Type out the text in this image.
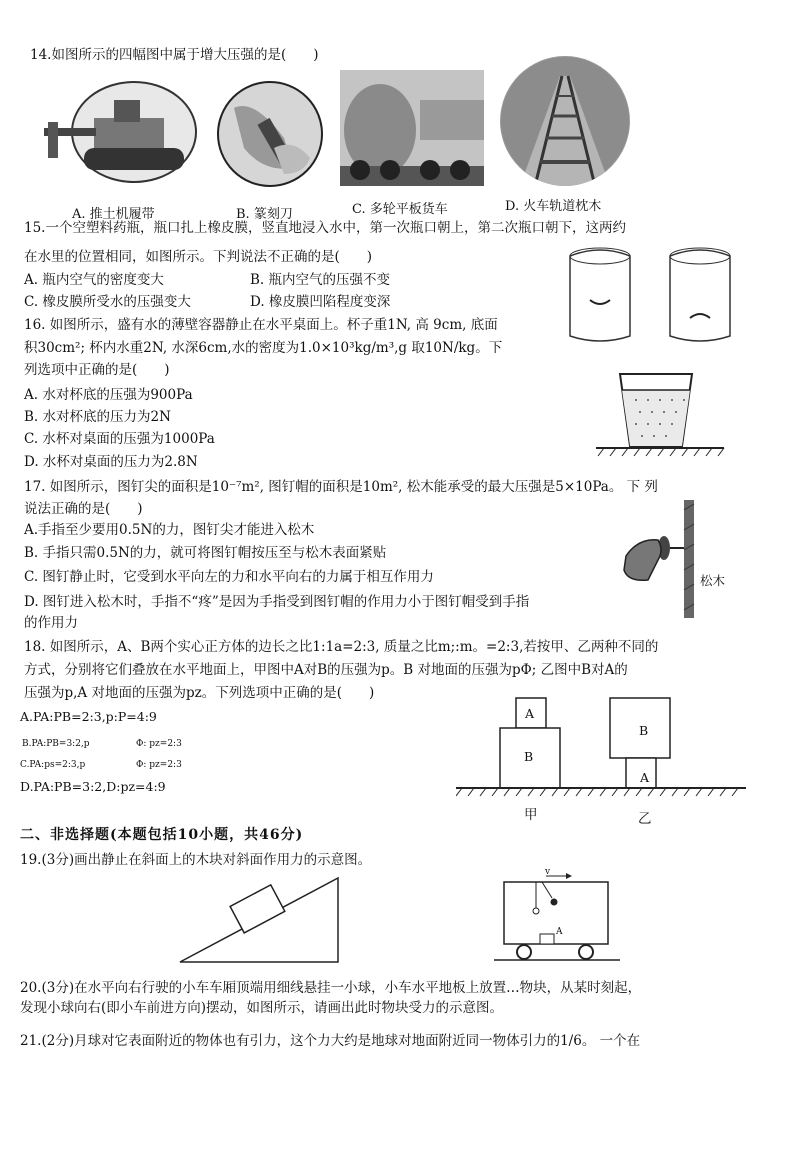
14.如图所示的四幅图中属于增大压强的是(　　)
A. 推土机履带	B. 篆刻刀	C. 多轮平板货车	D. 火车轨道枕木
15.一个空塑料药瓶，瓶口扎上橡皮膜，竖直地浸入水中，第一次瓶口朝上，第二次瓶口朝下，这两约
在水里的位置相同，如图所示。下判说法不正确的是(　　)
A. 瓶内空气的密度变大	B. 瓶内空气的压强不变
C. 橡皮膜所受水的压强变大	D. 橡皮膜凹陷程度变深
16. 如图所示，盛有水的薄壁容器静止在水平桌面上。杯子重1N, 高 9cm, 底面
积30cm²; 杯内水重2N, 水深6cm,水的密度为1.0×10³kg/m³,g 取10N/kg。下
列选项中正确的是(　　)
A. 水对杯底的压强为900Pa
B. 水对杯底的压力为2N
C. 水杯对桌面的压强为1000Pa
D. 水杯对桌面的压力为2.8N
17. 如图所示，图钉尖的面积是10⁻⁷m², 图钉帽的面积是10m², 松木能承受的最大压强是5×10Pa。 下 列
说法正确的是(　　)
A.手指至少要用0.5N的力，图钉尖才能进入松木
B. 手指只需0.5N的力，就可将图钉帽按压至与松木表面紧贴
C. 图钉静止时，它受到水平向左的力和水平向右的力属于相互作用力
D. 图钉进入松木时，手指不“疼”是因为手指受到图钉帽的作用力小于图钉帽受到手指
的作用力
松木
18. 如图所示，A、B两个实心正方体的边长之比1:1a=2:3, 质量之比m;:m。=2:3,若按甲、乙两种不同的
方式，分别将它们叠放在水平地面上，甲图中A对B的压强为p。B 对地面的压强为pΦ; 乙图中B对A的
压强为p,A 对地面的压强为pz。下列选项中正确的是(　　)
A.PA:PB=2:3,p:P=4:9
B.PA:PB=3:2,p	Φ: pz=2:3
C.PA:ps=2:3,p	Φ: pz=2:3
D.PA:PB=3:2,D:pz=4:9
A
B
B
A
甲	乙
二、非选择题(本题包括10小题，共46分)
19.(3分)画出静止在斜面上的木块对斜面作用力的示意图。
v
A
20.(3分)在水平向右行驶的小车车厢顶端用细线悬挂一小球，小车水平地板上放置…物块，从某时刻起，
发现小球向右(即小车前进方向)摆动，如图所示，请画出此时物块受力的示意图。
21.(2分)月球对它表面附近的物体也有引力，这个力大约是地球对地面附近同一物体引力的1/6。 一个在
